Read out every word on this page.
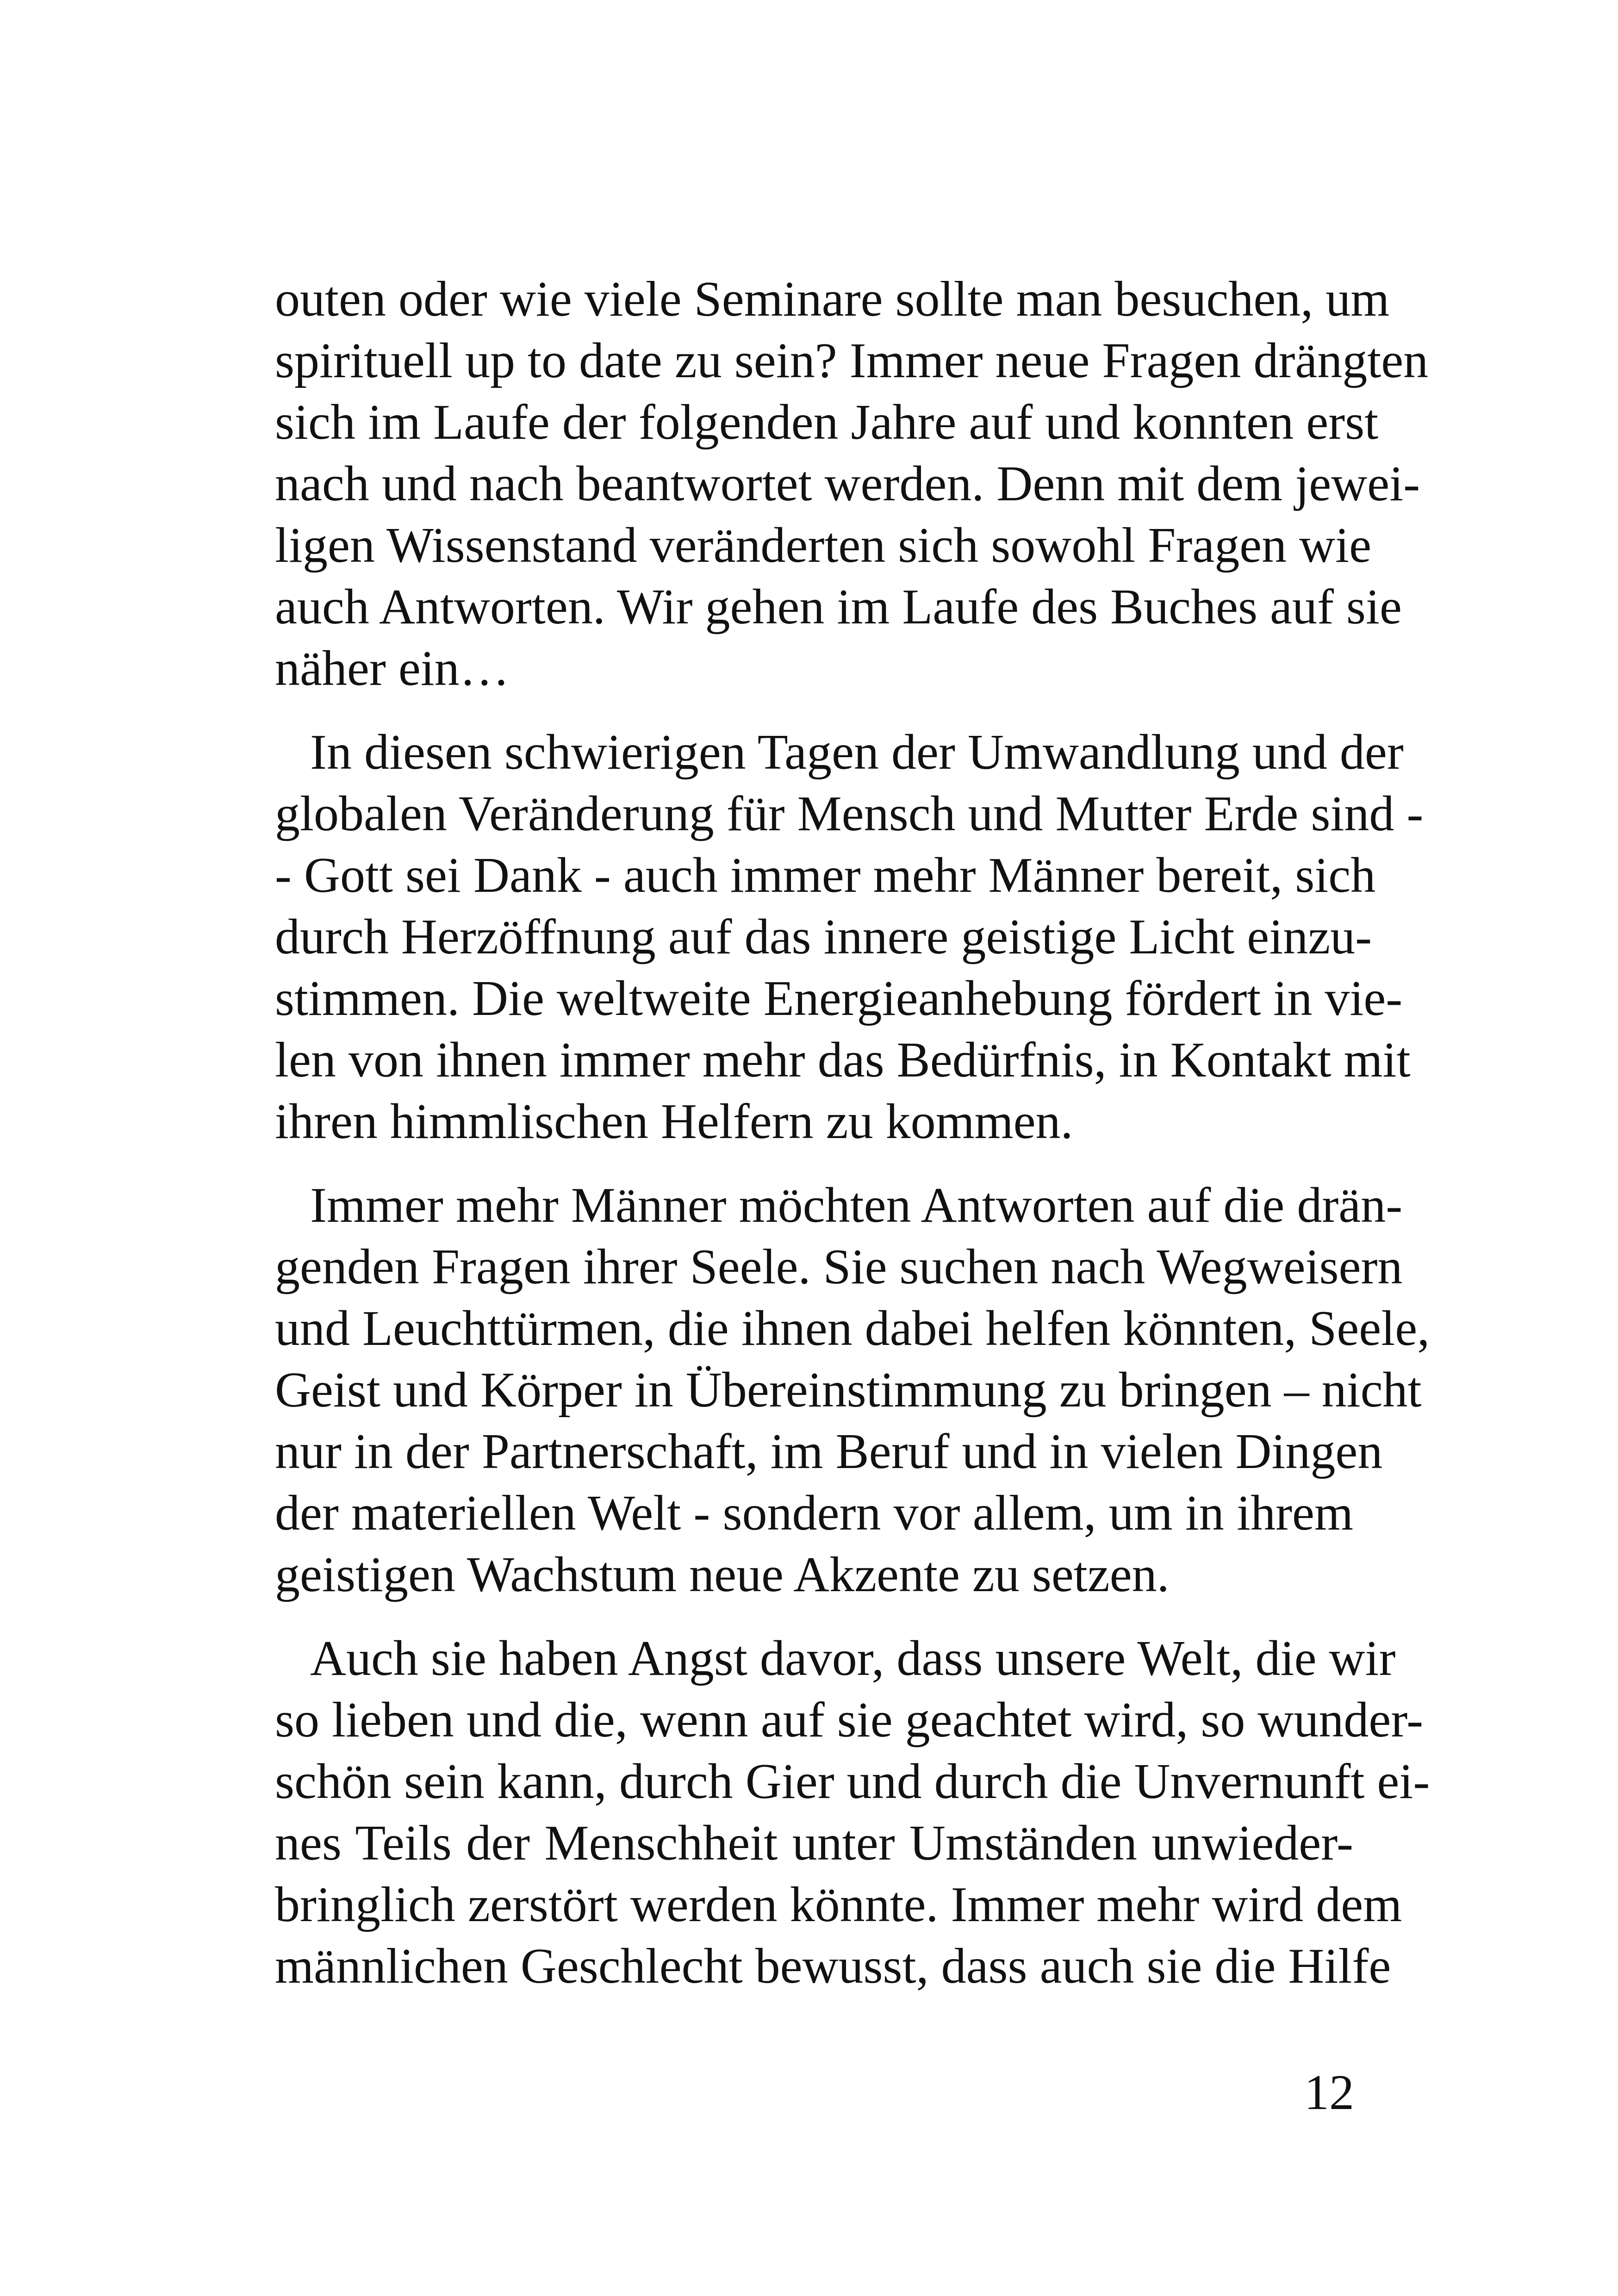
outen oder wie viele Seminare sollte man besuchen, um
spirituell up to date zu sein? Immer neue Fragen drängten
sich im Laufe der folgenden Jahre auf und konnten erst
nach und nach beantwortet werden. Denn mit dem jewei-
ligen Wissenstand veränderten sich sowohl Fragen wie
auch Antworten. Wir gehen im Laufe des Buches auf sie
näher ein…
In diesen schwierigen Tagen der Umwandlung und der
globalen Veränderung für Mensch und Mutter Erde sind -
- Gott sei Dank - auch immer mehr Männer bereit, sich
durch Herzöffnung auf das innere geistige Licht einzu-
stimmen. Die weltweite Energieanhebung fördert in vie-
len von ihnen immer mehr das Bedürfnis, in Kontakt mit
ihren himmlischen Helfern zu kommen.
Immer mehr Männer möchten Antworten auf die drän-
genden Fragen ihrer Seele. Sie suchen nach Wegweisern
und Leuchttürmen, die ihnen dabei helfen könnten, Seele,
Geist und Körper in Übereinstimmung zu bringen – nicht
nur in der Partnerschaft, im Beruf und in vielen Dingen
der materiellen Welt - sondern vor allem, um in ihrem
geistigen Wachstum neue Akzente zu setzen.
Auch sie haben Angst davor, dass unsere Welt, die wir
so lieben und die, wenn auf sie geachtet wird, so wunder-
schön sein kann, durch Gier und durch die Unvernunft ei-
nes Teils der Menschheit unter Umständen unwieder-
bringlich zerstört werden könnte. Immer mehr wird dem
männlichen Geschlecht bewusst, dass auch sie die Hilfe
12
